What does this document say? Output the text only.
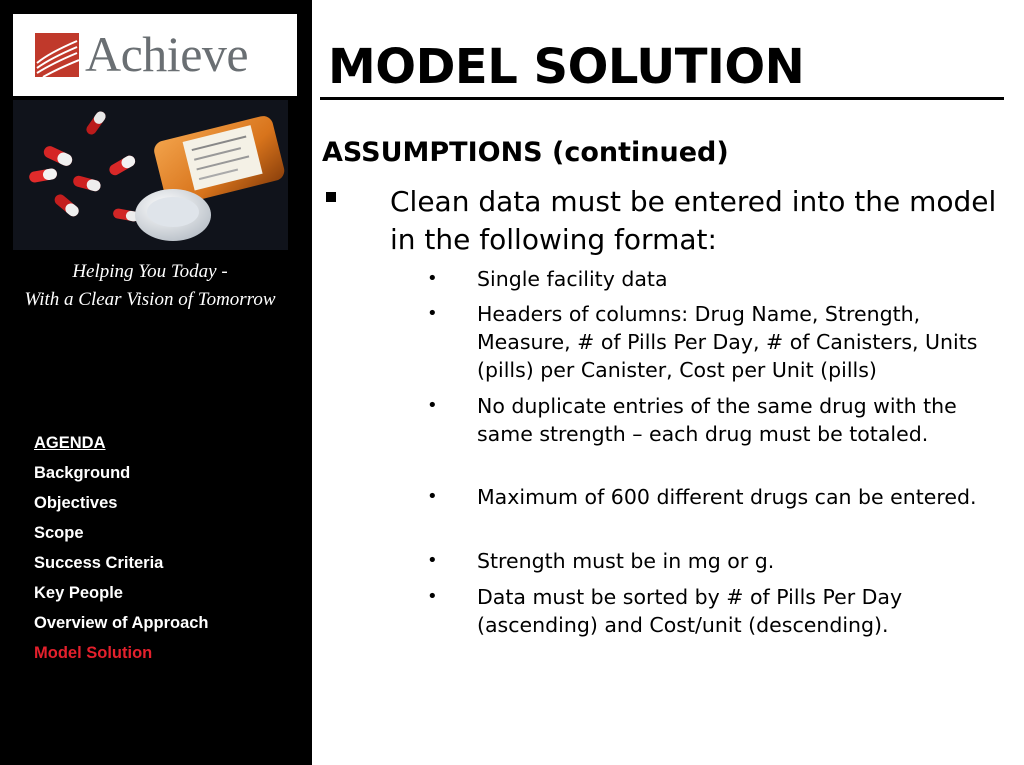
Achieve
Helping You Today -
With a Clear Vision of Tomorrow
AGENDA
Background
Objectives
Scope
Success Criteria
Key People
Overview of Approach
Model Solution
MODEL SOLUTION
ASSUMPTIONS (continued)
Clean data must be entered into the model in the following format:
• Single facility data
• Headers of columns: Drug Name, Strength, Measure, # of Pills Per Day, # of Canisters, Units (pills) per Canister, Cost per Unit (pills)
• No duplicate entries of the same drug with the same strength – each drug must be totaled.
• Maximum of 600 different drugs can be entered.
• Strength must be in mg or g.
• Data must be sorted by # of Pills Per Day (ascending) and Cost/unit (descending).
